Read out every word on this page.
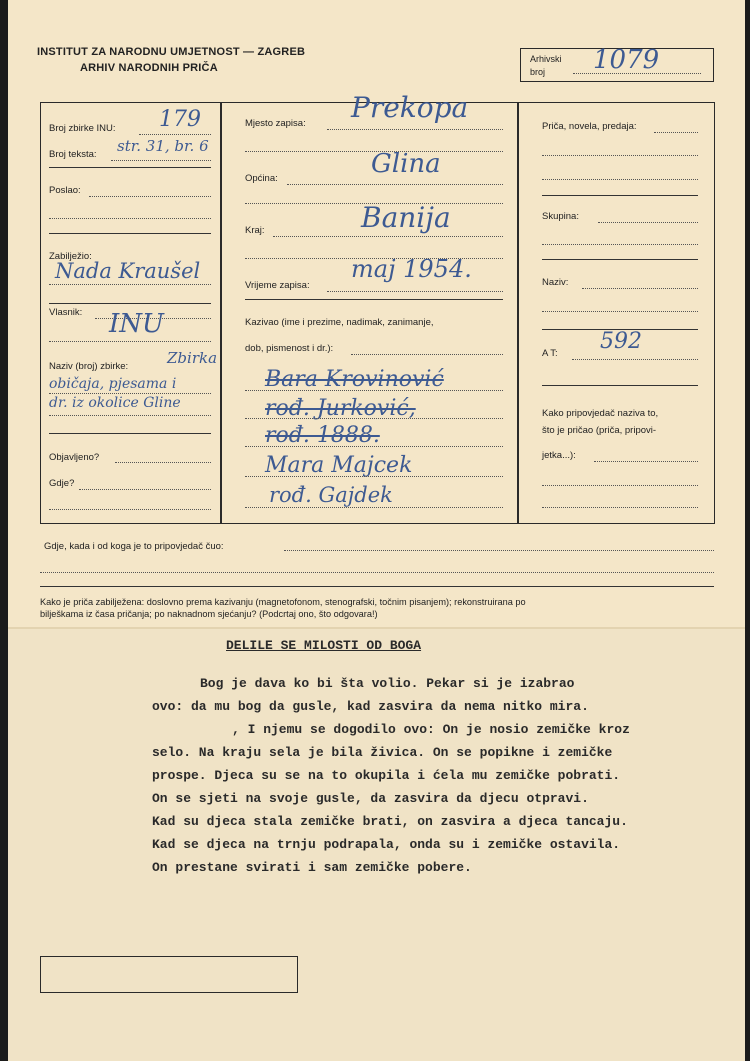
INSTITUT ZA NARODNU UMJETNOST — ZAGREB
ARHIV NARODNIH PRIČA
Arhivski
broj 1079
Broj zbirke INU: 179
Broj teksta: str. 31, br. 6
Poslao:
Zabilježio:
Nada Kraušel
Vlasnik: INU
Naziv (broj) zbirke:	Zbirka
običaja, pjesama i
dr. iz okolice Gline
Objavljeno?
Gdje?
Mjesto zapisa: Prekopa
Općina:	Glina
Kraj:	Banija
Vrijeme zapisa:
maj 1954.
Kazivao (ime i prezime, nadimak, zanimanje,
dob, pismenost i dr.):
Bara Krovinović
rođ. Jurković,
rođ. 1888.
Mara Majcek
rođ. Gajdek
Priča, novela, predaja:
Skupina:
Naziv:
A T: 592
Kako pripovjedač naziva to,
što je pričao (priča, pripovi-
jetka...):
Gdje, kada i od koga je to pripovjedač čuo:
Kako je priča zabilježena: doslovno prema kazivanju (magnetofonom, stenografski, točnim pisanjem); rekonstruirana po
bilješkama iz časa pričanja; po naknadnom sjećanju? (Podcrtaj ono, što odgovara!)
DELILE SE MILOSTI OD BOGA
Bog je dava ko bi šta volio. Pekar si je izabrao
ovo: da mu bog da gusle, kad zasvira da nema nitko mira.
, I njemu se dogodilo ovo: On je nosio zemičke kroz
selo. Na kraju sela je bila živica. On se popikne i zemičke
prospe. Djeca su se na to okupila i ćela mu zemičke pobrati.
On se sjeti na svoje gusle, da zasvira da djecu otpravi.
Kad su djeca stala zemičke brati, on zasvira a djeca tancaju.
Kad se djeca na trnju podrapala, onda su i zemičke ostavila.
On prestane svirati i sam zemičke pobere.
